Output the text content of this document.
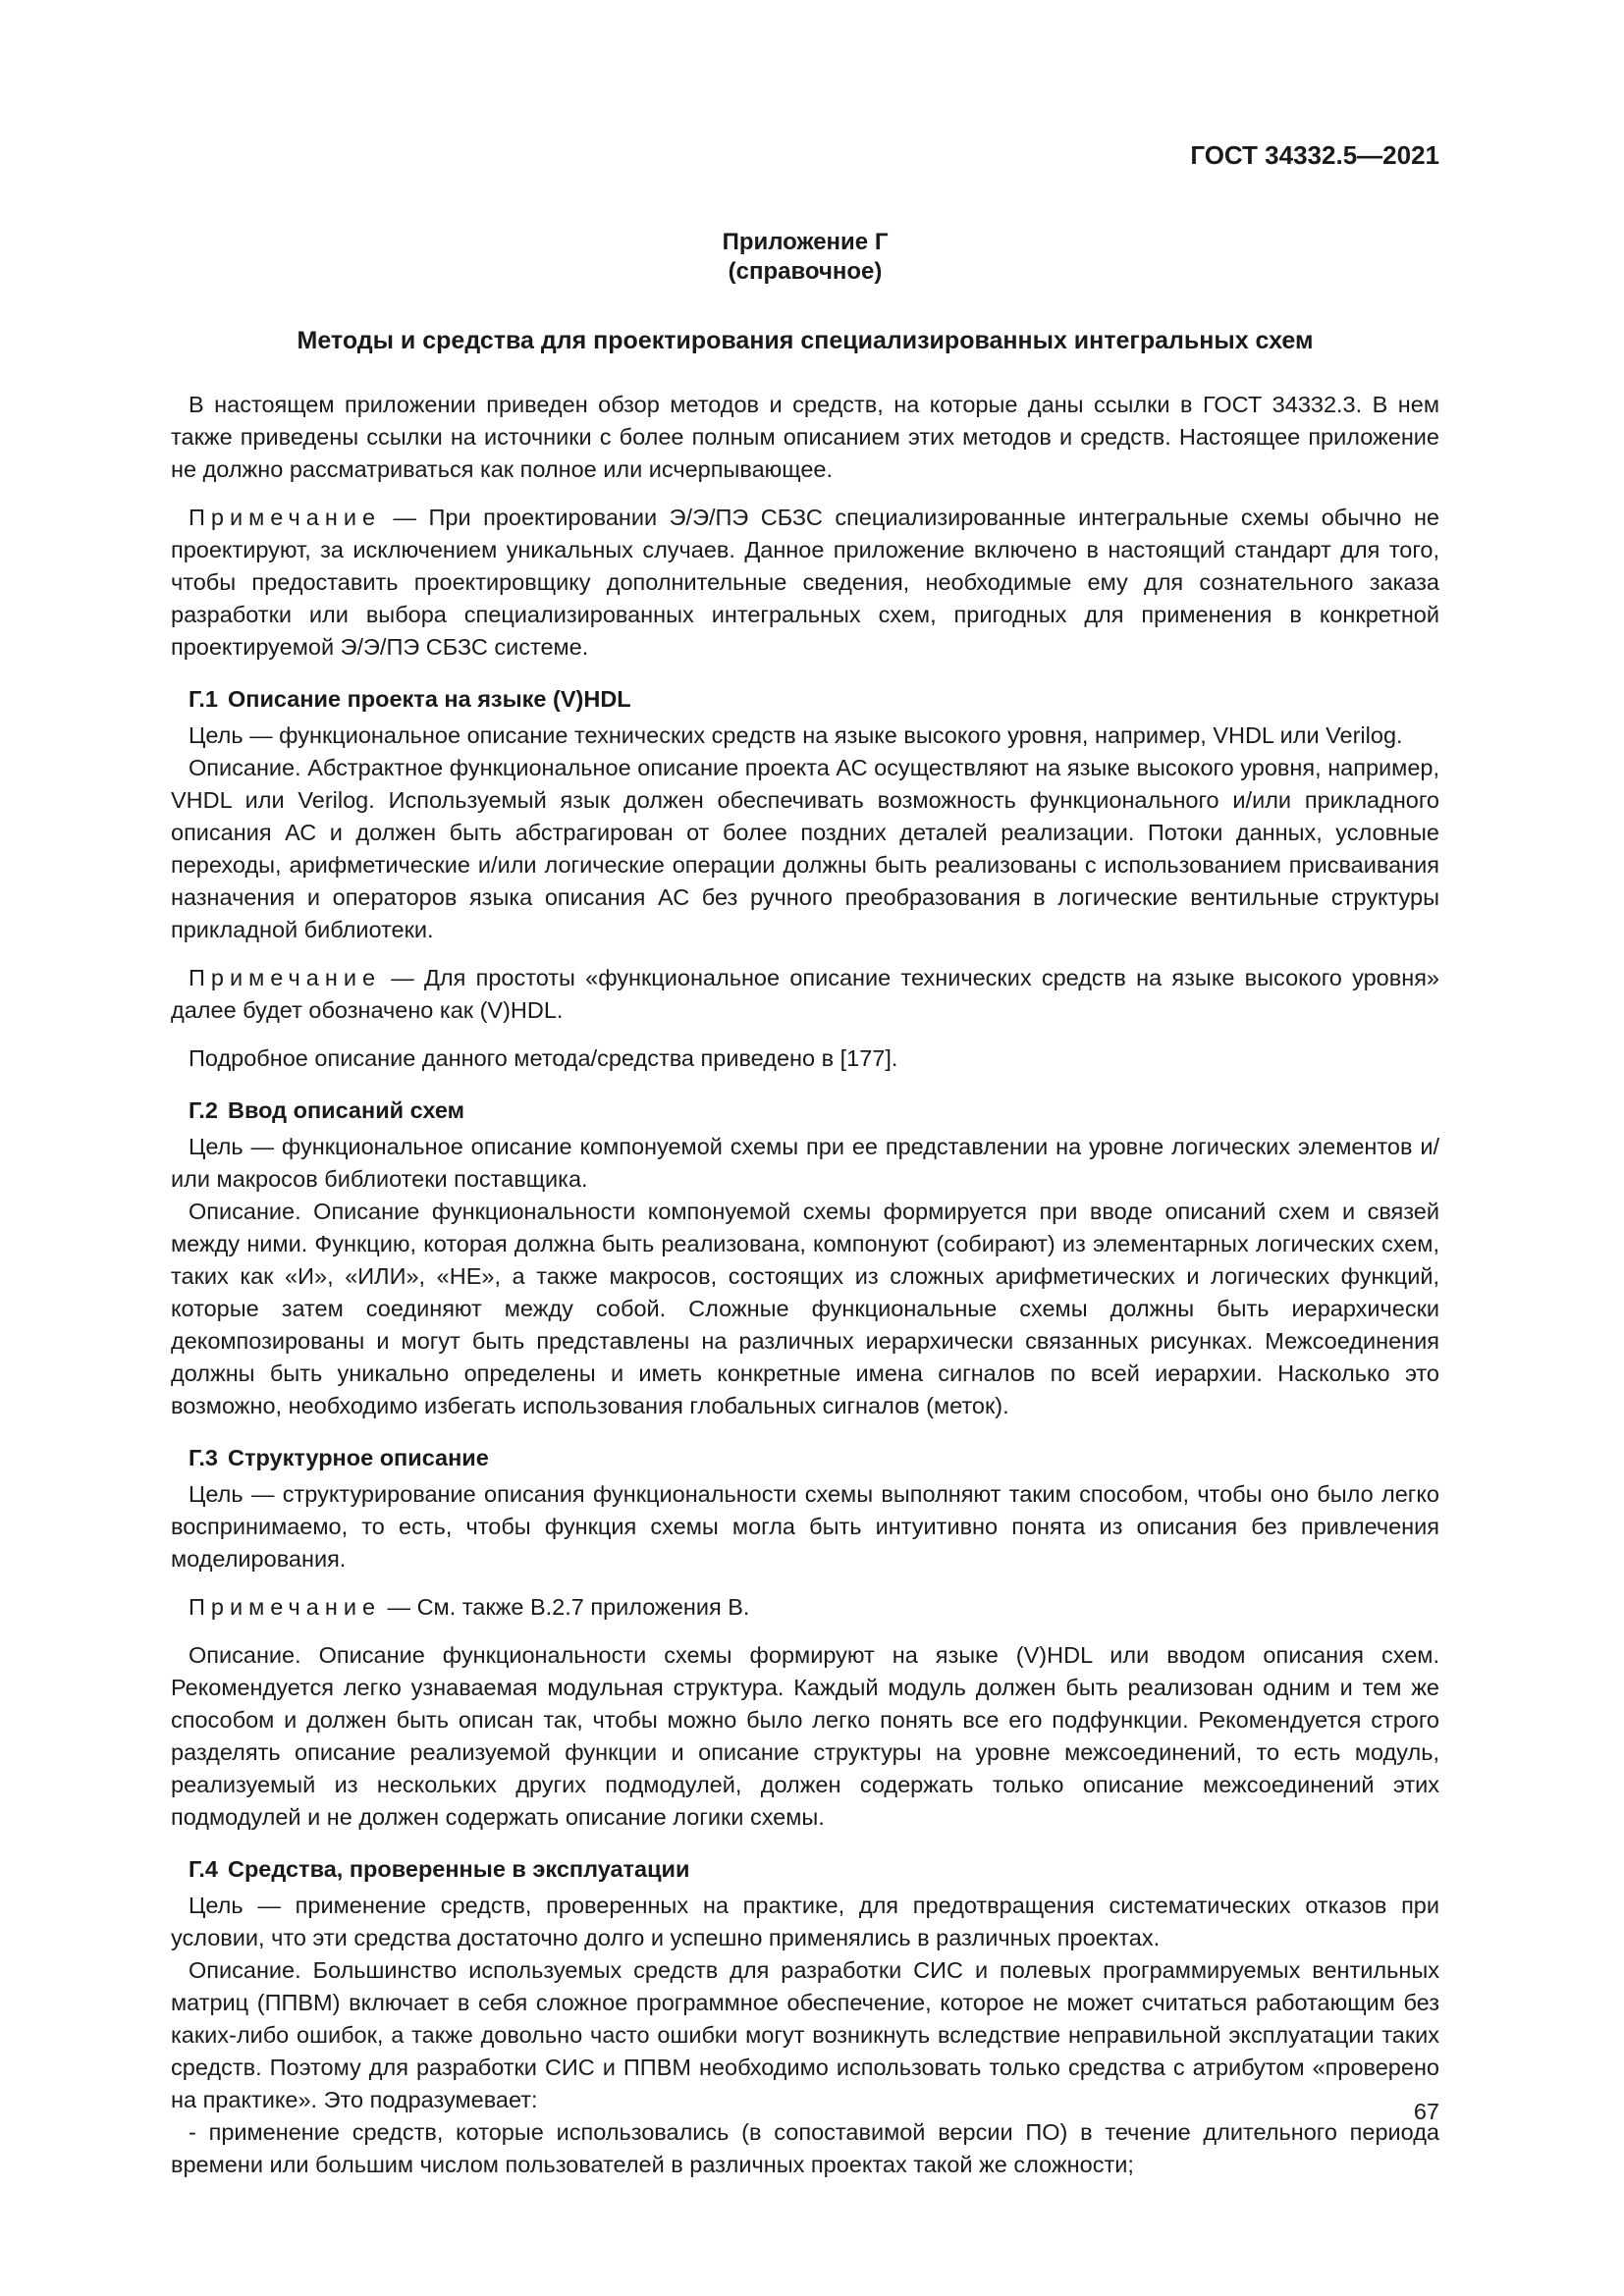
ГОСТ 34332.5—2021
Приложение Г
(справочное)
Методы и средства для проектирования специализированных интегральных схем

В настоящем приложении приведен обзор методов и средств, на которые даны ссылки в ГОСТ 34332.3. В нем также приведены ссылки на источники с более полным описанием этих методов и средств. Настоящее приложение не должно рассматриваться как полное или исчерпывающее.

Примечание — При проектировании Э/Э/ПЭ СБЗС специализированные интегральные схемы обычно не проектируют, за исключением уникальных случаев. Данное приложение включено в настоящий стандарт для того, чтобы предоставить проектировщику дополнительные сведения, необходимые ему для сознательного заказа разработки или выбора специализированных интегральных схем, пригодных для применения в конкретной проектируемой Э/Э/ПЭ СБЗС системе.

Г.1 Описание проекта на языке (V)HDL

Цель — функциональное описание технических средств на языке высокого уровня, например, VHDL или Verilog.

Описание. Абстрактное функциональное описание проекта АС осуществляют на языке высокого уровня, например, VHDL или Verilog. Используемый язык должен обеспечивать возможность функционального и/или прикладного описания АС и должен быть абстрагирован от более поздних деталей реализации. Потоки данных, условные переходы, арифметические и/или логические операции должны быть реализованы с использованием присваивания назначения и операторов языка описания АС без ручного преобразования в логические вентильные структуры прикладной библиотеки.

Примечание — Для простоты «функциональное описание технических средств на языке высокого уровня» далее будет обозначено как (V)HDL.

Подробное описание данного метода/средства приведено в [177].

Г.2 Ввод описаний схем

Цель — функциональное описание компонуемой схемы при ее представлении на уровне логических элементов и/или макросов библиотеки поставщика.

Описание. Описание функциональности компонуемой схемы формируется при вводе описаний схем и связей между ними. Функцию, которая должна быть реализована, компонуют (собирают) из элементарных логических схем, таких как «И», «ИЛИ», «НЕ», а также макросов, состоящих из сложных арифметических и логических функций, которые затем соединяют между собой. Сложные функциональные схемы должны быть иерархически декомпозированы и могут быть представлены на различных иерархически связанных рисунках. Межсоединения должны быть уникально определены и иметь конкретные имена сигналов по всей иерархии. Насколько это возможно, необходимо избегать использования глобальных сигналов (меток).

Г.3 Структурное описание

Цель — структурирование описания функциональности схемы выполняют таким способом, чтобы оно было легко воспринимаемо, то есть, чтобы функция схемы могла быть интуитивно понята из описания без привлечения моделирования.

Примечание — См. также В.2.7 приложения В.

Описание. Описание функциональности схемы формируют на языке (V)HDL или вводом описания схем. Рекомендуется легко узнаваемая модульная структура. Каждый модуль должен быть реализован одним и тем же способом и должен быть описан так, чтобы можно было легко понять все его подфункции. Рекомендуется строго разделять описание реализуемой функции и описание структуры на уровне межсоединений, то есть модуль, реализуемый из нескольких других подмодулей, должен содержать только описание межсоединений этих подмодулей и не должен содержать описание логики схемы.

Г.4 Средства, проверенные в эксплуатации

Цель — применение средств, проверенных на практике, для предотвращения систематических отказов при условии, что эти средства достаточно долго и успешно применялись в различных проектах.

Описание. Большинство используемых средств для разработки СИС и полевых программируемых вентильных матриц (ППВМ) включает в себя сложное программное обеспечение, которое не может считаться работающим без каких-либо ошибок, а также довольно часто ошибки могут возникнуть вследствие неправильной эксплуатации таких средств. Поэтому для разработки СИС и ППВМ необходимо использовать только средства с атрибутом «проверено на практике». Это подразумевает:

- применение средств, которые использовались (в сопоставимой версии ПО) в течение длительного периода времени или большим числом пользователей в различных проектах такой же сложности;

67
